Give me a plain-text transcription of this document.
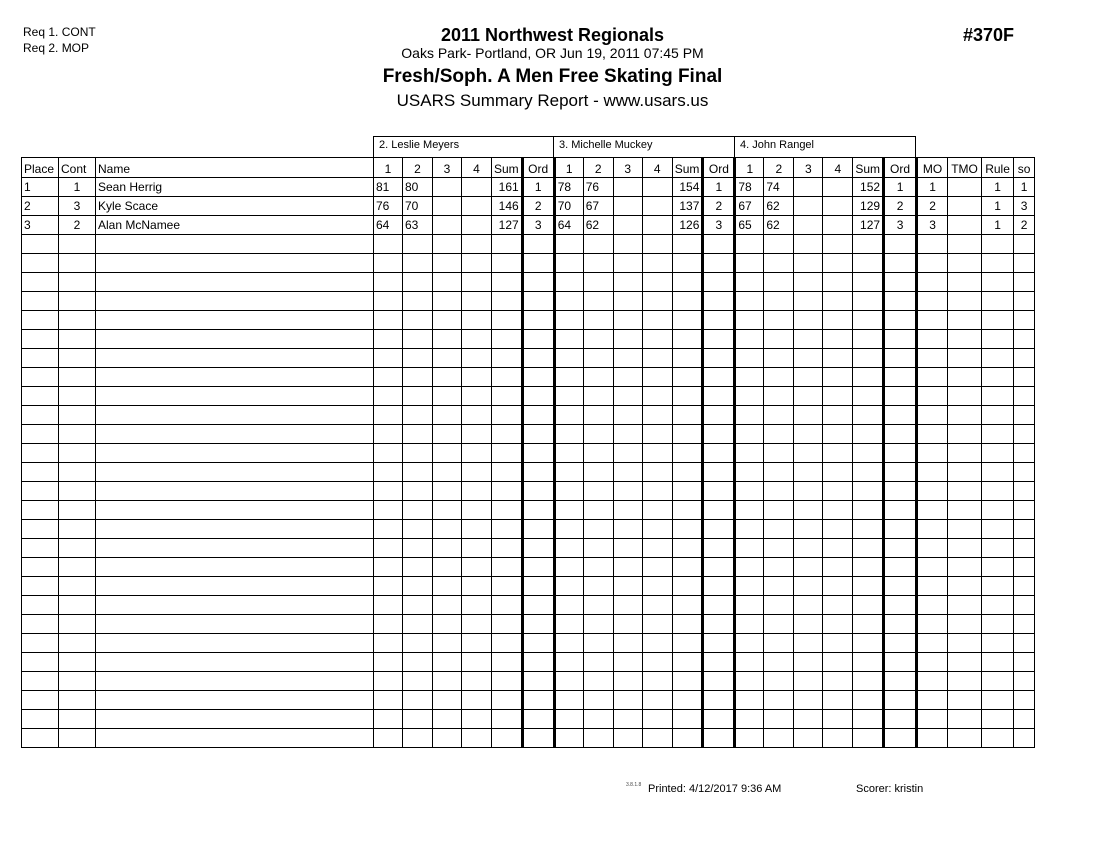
Req 1. CONT
Req 2. MOP
2011 Northwest Regionals
Oaks Park- Portland, OR Jun 19, 2011 07:45 PM
Fresh/Soph. A Men Free Skating Final
USARS Summary Report - www.usars.us
#370F
2. Leslie Meyers	3. Michelle Muckey	4. John Rangel
Place	Cont	Name	1	2	3	4	Sum	Ord	1	2	3	4	Sum	Ord	1	2	3	4	Sum	Ord	MO	TMO	Rule	so
1	1	Sean Herrig	81	80			161	1	78	76			154	1	78	74			152	1	1		1	1
2	3	Kyle Scace	76	70			146	2	70	67			137	2	67	62			129	2	2		1	3
3	2	Alan McNamee	64	63			127	3	64	62			126	3	65	62			127	3	3		1	2

3.8.1.8 Printed: 4/12/2017 9:36 AM	Scorer: kristin
